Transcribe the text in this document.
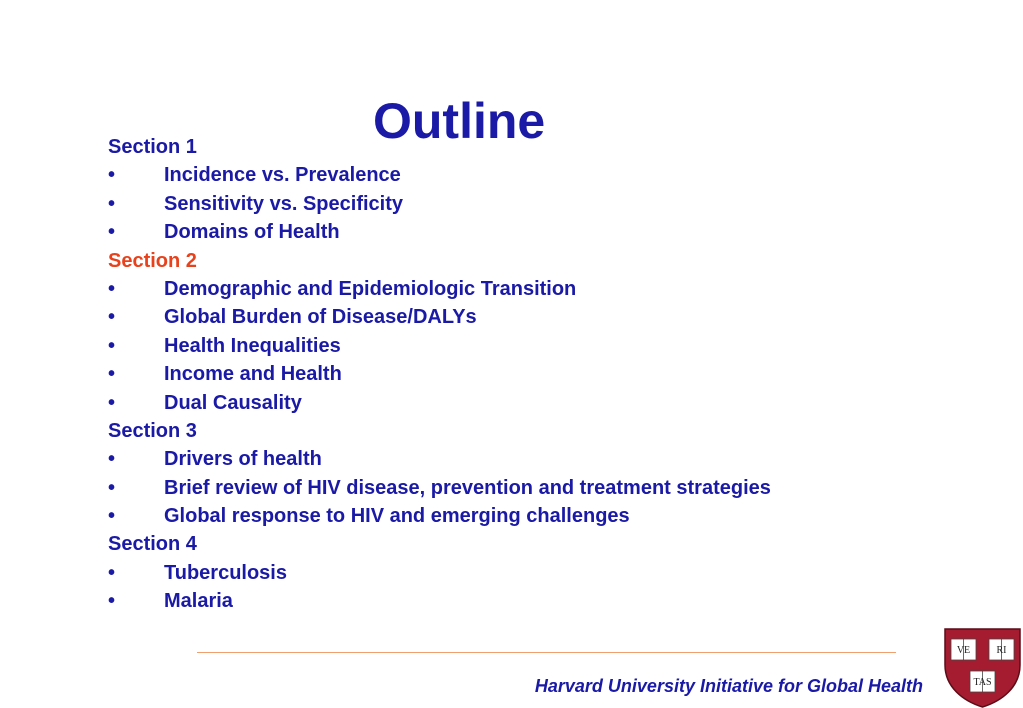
Outline
Section 1
•	Incidence vs. Prevalence
•	Sensitivity vs. Specificity
•	Domains of Health
Section 2
•	Demographic and Epidemiologic Transition
•	Global Burden of Disease/DALYs
•	Health Inequalities
•	Income and Health
•	Dual Causality
Section 3
•	Drivers of health
•	Brief review of HIV disease, prevention and treatment strategies
•	Global response to HIV and emerging challenges
Section 4
•	Tuberculosis
•	Malaria
Harvard University Initiative for Global Health
VE	RI
TAS
